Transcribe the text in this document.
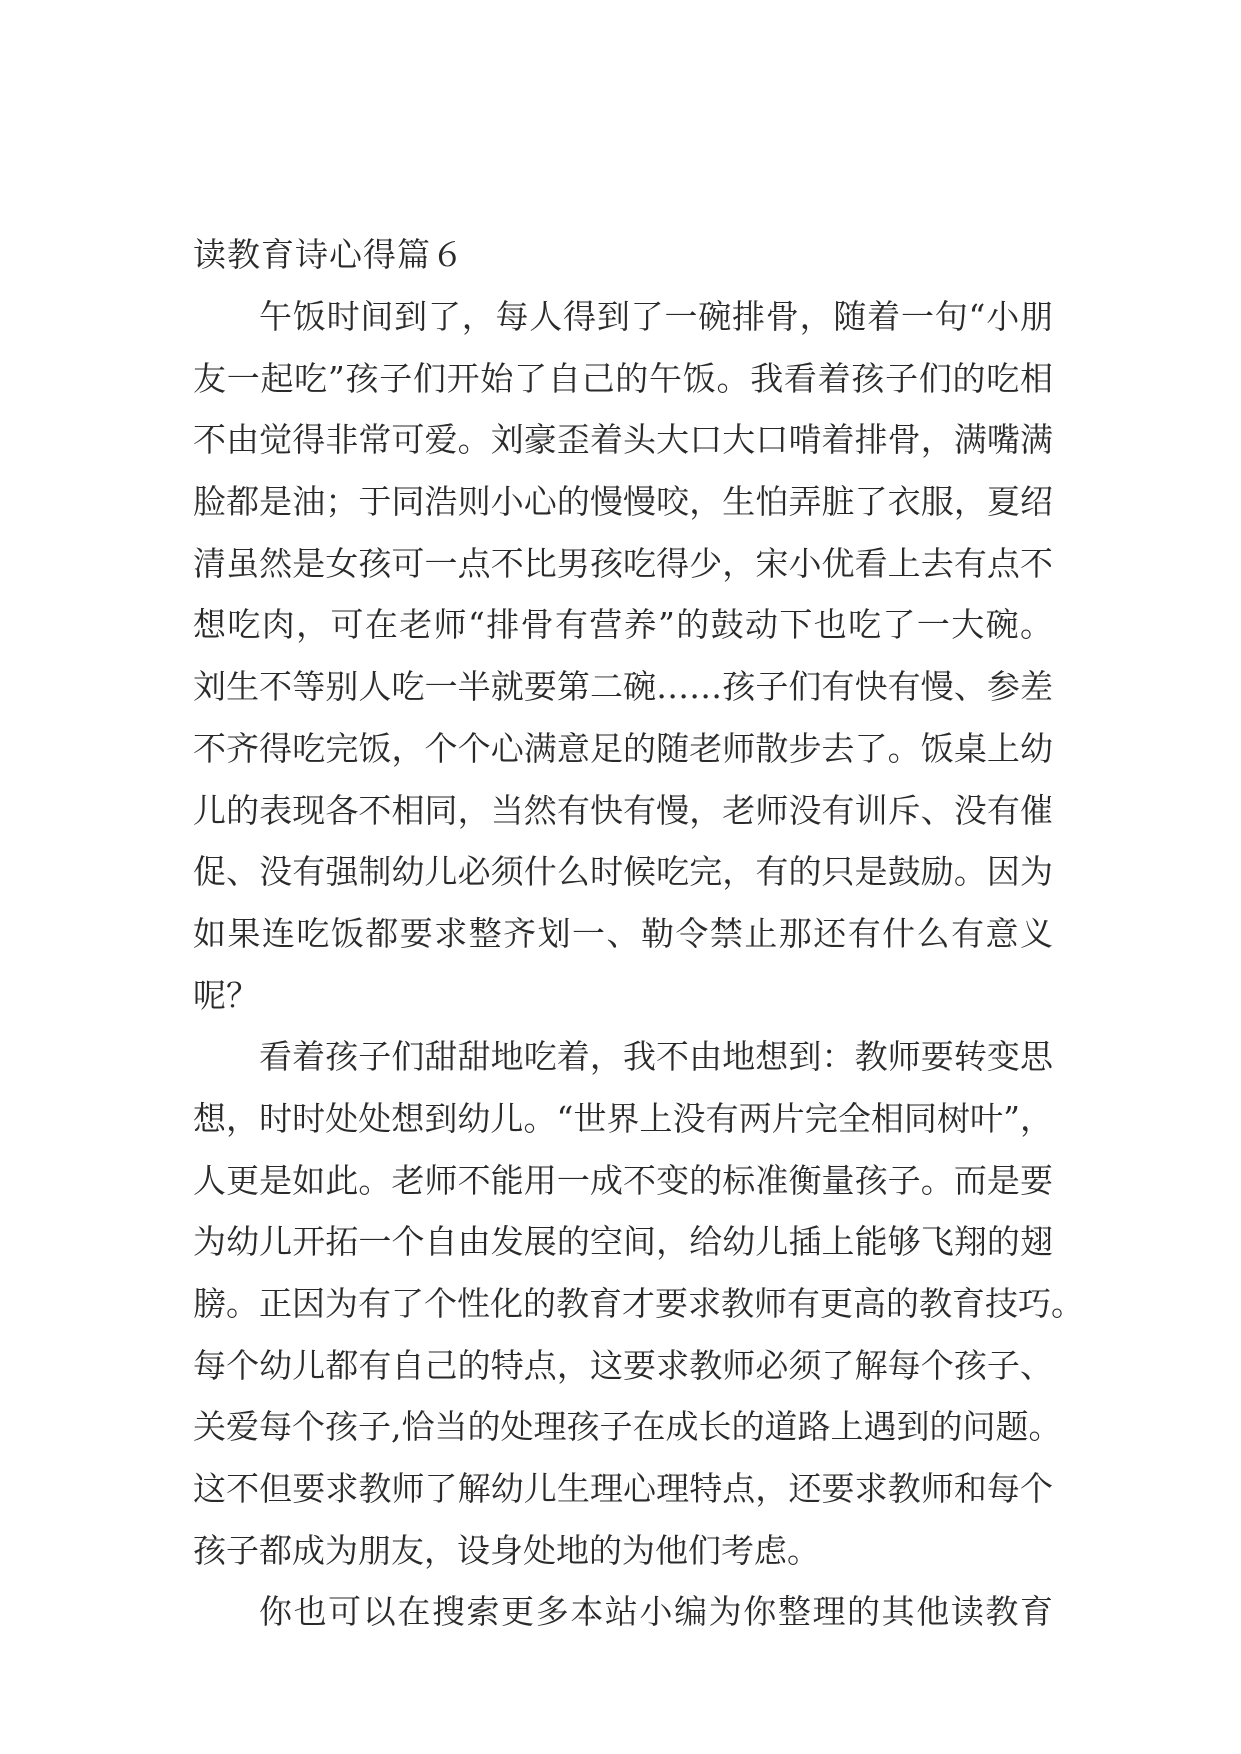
读教育诗心得篇６

午饭时间到了，每人得到了一碗排骨，随着一句“小朋
友一起吃”孩子们开始了自己的午饭。我看着孩子们的吃相
不由觉得非常可爱。刘豪歪着头大口大口啃着排骨，满嘴满
脸都是油；于同浩则小心的慢慢咬，生怕弄脏了衣服，夏绍
清虽然是女孩可一点不比男孩吃得少，宋小优看上去有点不
想吃肉，可在老师“排骨有营养”的鼓动下也吃了一大碗。
刘生不等别人吃一半就要第二碗……孩子们有快有慢、参差
不齐得吃完饭，个个心满意足的随老师散步去了。饭桌上幼
儿的表现各不相同，当然有快有慢，老师没有训斥、没有催
促、没有强制幼儿必须什么时候吃完，有的只是鼓励。因为
如果连吃饭都要求整齐划一、勒令禁止那还有什么有意义
呢？

看着孩子们甜甜地吃着，我不由地想到：教师要转变思
想，时时处处想到幼儿。“世界上没有两片完全相同树叶”，
人更是如此。老师不能用一成不变的标准衡量孩子。而是要
为幼儿开拓一个自由发展的空间，给幼儿插上能够飞翔的翅
膀。正因为有了个性化的教育才要求教师有更高的教育技巧。
每个幼儿都有自己的特点，这要求教师必须了解每个孩子、
关爱每个孩子,恰当的处理孩子在成长的道路上遇到的问题。
这不但要求教师了解幼儿生理心理特点，还要求教师和每个
孩子都成为朋友，设身处地的为他们考虑。

你也可以在搜索更多本站小编为你整理的其他读教育
